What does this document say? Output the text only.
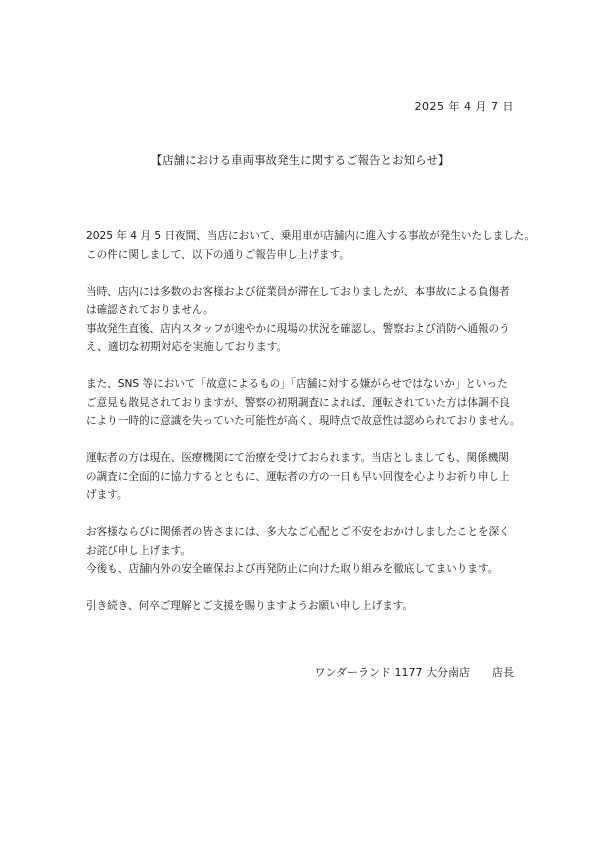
2025 年 4 月 7 日
【店舗における車両事故発生に関するご報告とお知らせ】

2025 年 4 月 5 日夜間、当店において、乗用車が店舗内に進入する事故が発生いたしました。
この件に関しまして、以下の通りご報告申し上げます。

当時、店内には多数のお客様および従業員が滞在しておりましたが、本事故による負傷者
は確認されておりません。
事故発生直後、店内スタッフが速やかに現場の状況を確認し、警察および消防へ通報のう
え、適切な初期対応を実施しております。

また、SNS 等において「故意によるもの」「店舗に対する嫌がらせではないか」といった
ご意見も散見されておりますが、警察の初期調査によれば、運転されていた方は体調不良
により一時的に意識を失っていた可能性が高く、現時点で故意性は認められておりません。

運転者の方は現在、医療機関にて治療を受けておられます。当店としましても、関係機関
の調査に全面的に協力するとともに、運転者の方の一日も早い回復を心よりお祈り申し上
げます。

お客様ならびに関係者の皆さまには、多大なご心配とご不安をおかけしましたことを深く
お詫び申し上げます。
今後も、店舗内外の安全確保および再発防止に向けた取り組みを徹底してまいります。

引き続き、何卒ご理解とご支援を賜りますようお願い申し上げます。

ワンダーランド 1177 大分南店 店長
